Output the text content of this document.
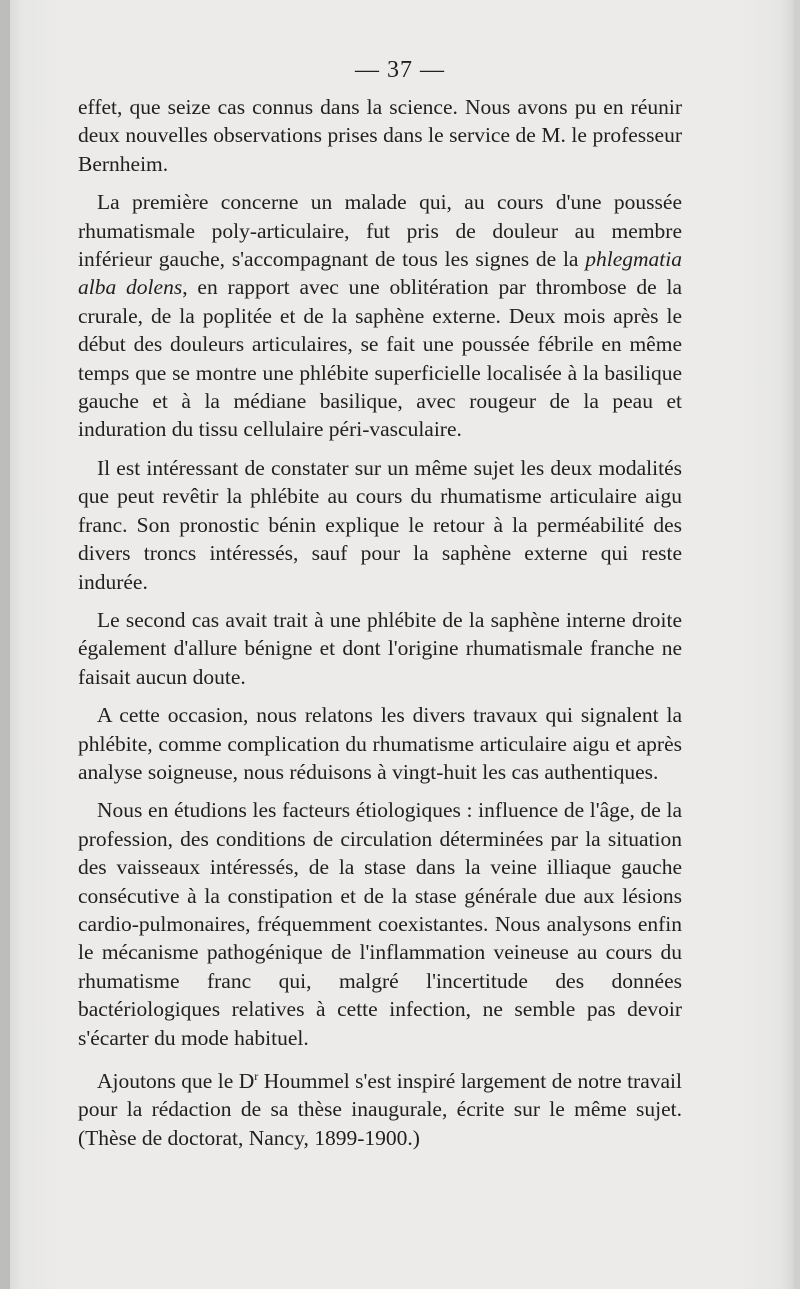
— 37 —

effet, que seize cas connus dans la science. Nous avons pu en réunir deux nouvelles observations prises dans le service de M. le professeur Bernheim.

La première concerne un malade qui, au cours d'une poussée rhumatismale poly-articulaire, fut pris de douleur au membre inférieur gauche, s'accompagnant de tous les signes de la phlegmatia alba dolens, en rapport avec une oblitération par thrombose de la crurale, de la poplitée et de la saphène externe. Deux mois après le début des douleurs articulaires, se fait une poussée fébrile en même temps que se montre une phlébite superficielle localisée à la basilique gauche et à la médiane basilique, avec rougeur de la peau et induration du tissu cellulaire péri-vasculaire.

Il est intéressant de constater sur un même sujet les deux modalités que peut revêtir la phlébite au cours du rhumatisme articulaire aigu franc. Son pronostic bénin explique le retour à la perméabilité des divers troncs intéressés, sauf pour la saphène externe qui reste indurée.

Le second cas avait trait à une phlébite de la saphène interne droite également d'allure bénigne et dont l'origine rhumatismale franche ne faisait aucun doute.

A cette occasion, nous relatons les divers travaux qui signalent la phlébite, comme complication du rhumatisme articulaire aigu et après analyse soigneuse, nous réduisons à vingt-huit les cas authentiques.

Nous en étudions les facteurs étiologiques : influence de l'âge, de la profession, des conditions de circulation déterminées par la situation des vaisseaux intéressés, de la stase dans la veine illiaque gauche consécutive à la constipation et de la stase générale due aux lésions cardio-pulmonaires, fréquemment coexistantes. Nous analysons enfin le mécanisme pathogénique de l'inflammation veineuse au cours du rhumatisme franc qui, malgré l'incertitude des données bactériologiques relatives à cette infection, ne semble pas devoir s'écarter du mode habituel.

Ajoutons que le $D^r$ Hoummel s'est inspiré largement de notre travail pour la rédaction de sa thèse inaugurale, écrite sur le même sujet. (Thèse de doctorat, Nancy, 1899-1900.)
